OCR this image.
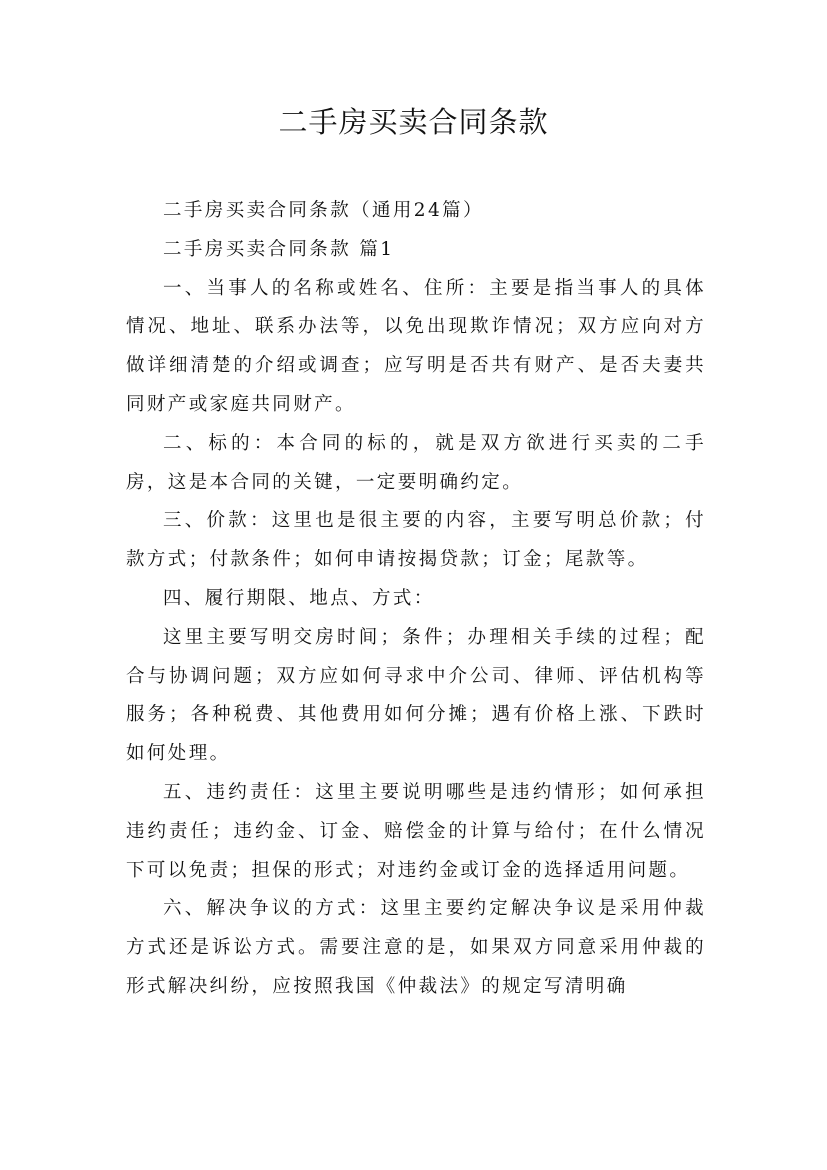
二手房买卖合同条款

二手房买卖合同条款（通用24篇）

二手房买卖合同条款 篇1

一、当事人的名称或姓名、住所：主要是指当事人的具体情况、地址、联系办法等，以免出现欺诈情况；双方应向对方做详细清楚的介绍或调查；应写明是否共有财产、是否夫妻共同财产或家庭共同财产。

二、标的：本合同的标的，就是双方欲进行买卖的二手房，这是本合同的关键，一定要明确约定。

三、价款：这里也是很主要的内容，主要写明总价款；付款方式；付款条件；如何申请按揭贷款；订金；尾款等。

四、履行期限、地点、方式：

这里主要写明交房时间；条件；办理相关手续的过程；配合与协调问题；双方应如何寻求中介公司、律师、评估机构等服务；各种税费、其他费用如何分摊；遇有价格上涨、下跌时如何处理。

五、违约责任：这里主要说明哪些是违约情形；如何承担违约责任；违约金、订金、赔偿金的计算与给付；在什么情况下可以免责；担保的形式；对违约金或订金的选择适用问题。

六、解决争议的方式：这里主要约定解决争议是采用仲裁方式还是诉讼方式。需要注意的是，如果双方同意采用仲裁的形式解决纠纷，应按照我国《仲裁法》的规定写清明确
